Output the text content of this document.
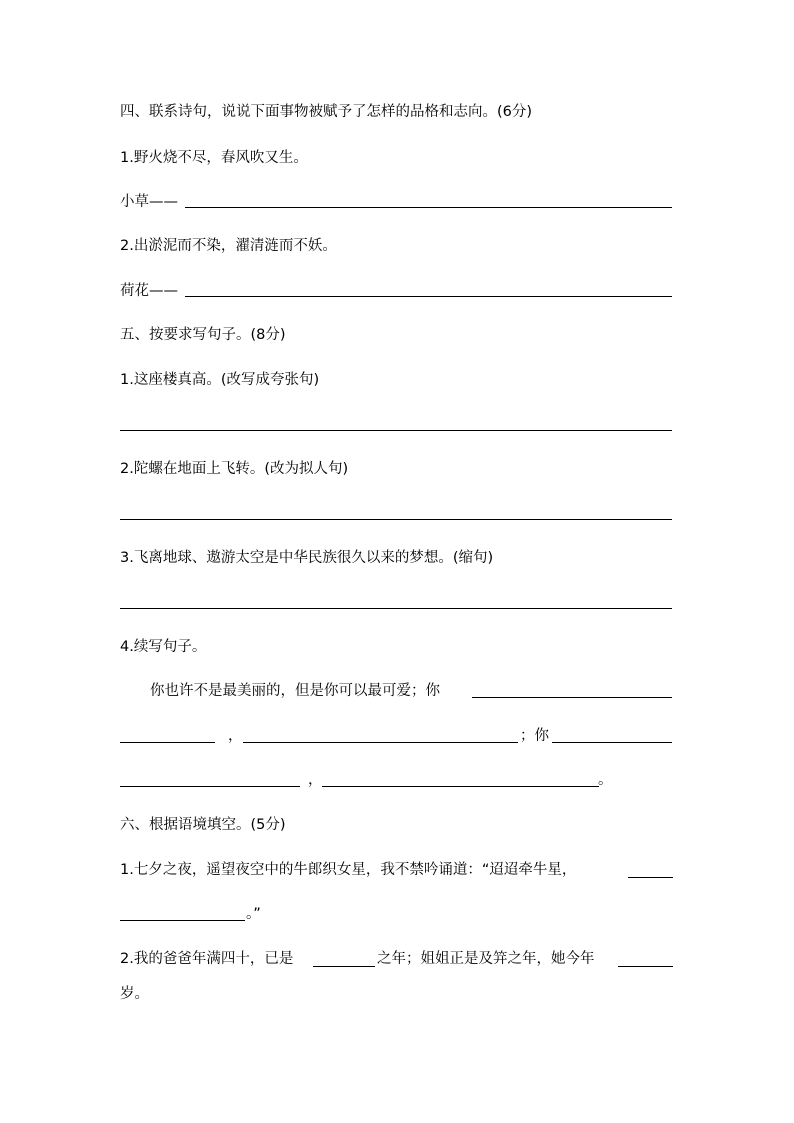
四、联系诗句，说说下面事物被赋予了怎样的品格和志向。(6分)
1.野火烧不尽，春风吹又生。
小草——
2.出淤泥而不染，濯清涟而不妖。
荷花——
五、按要求写句子。(8分)
1.这座楼真高。(改写成夸张句)
2.陀螺在地面上飞转。(改为拟人句)
3.飞离地球、遨游太空是中华民族很久以来的梦想。(缩句)
4.续写句子。
你也许不是最美丽的，但是你可以最可爱；你
，	；你
，	。
六、根据语境填空。(5分)
1.七夕之夜，遥望夜空中的牛郎织女星，我不禁吟诵道：“迢迢牵牛星，
。”
2.我的爸爸年满四十，已是	之年；姐姐正是及笄之年，她今年
岁。
